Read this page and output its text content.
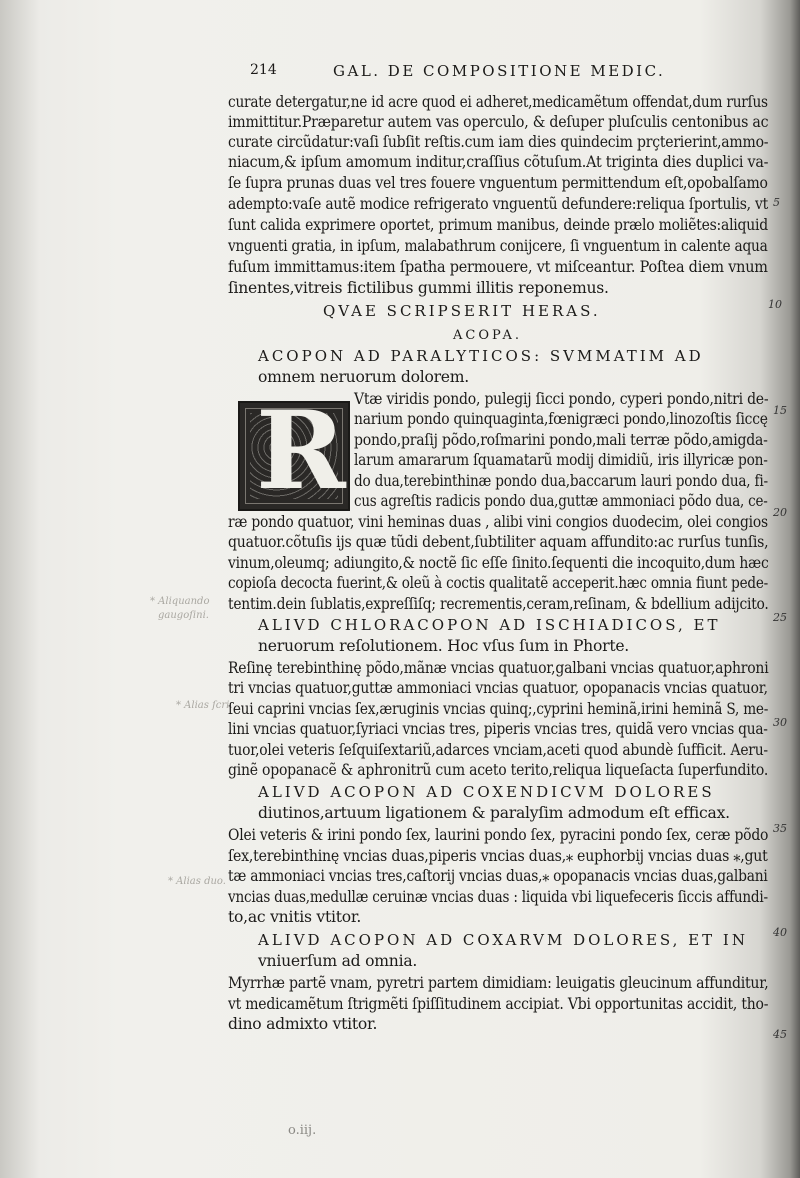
* Aliquando
gaugoſini.
* Alias ſcri.
* Alias duo.
214	GAL. DE COMPOSITIONE MEDIC.
R
curate detergatur,ne id acre quod ei adheret,medicamẽtum offendat,dum rurſus
immittitur.Præparetur autem vas operculo, & deſuper pluſculis centonibus ac
curate circũdatur:vaſi ſubſit reſtis.cum iam dies quindecim prçterierint,ammo-
niacum,& ipſum amomum inditur,craſſius cõtuſum.At triginta dies duplici va-
ſe ſupra prunas duas vel tres fouere vnguentum permittendum eſt,opobalſamo
adempto:vaſe autẽ modice refrigerato vnguentũ defundere:reliqua ſportulis, vt
ſunt calida exprimere oportet, primum manibus, deinde prælo moliẽtes:aliquid
vnguenti gratia, in ipſum, malabathrum conijcere, ſi vnguentum in calente aqua
fuſum immittamus:item ſpatha permouere, vt miſceantur. Poſtea diem vnum
ſinentes,vitreis fictilibus gummi illitis reponemus.
QVAE SCRIPSERIT HERAS.
ACOPA.
ACOPON AD PARALYTICOS: SVMMATIM AD
omnem neruorum dolorem.
Vtæ viridis pondo, pulegij ſicci pondo, cyperi pondo,nitri de-
narium pondo quinquaginta,fœnigræci pondo,linozoſtis ſiccę
pondo,praſij põdo,roſmarini pondo,mali terræ põdo,amigda-
larum amararum ſquamatarũ modij dimidiũ, iris illyricæ pon-
do dua,terebinthinæ pondo dua,baccarum lauri pondo dua, fi-
cus agreſtis radicis pondo dua,guttæ ammoniaci põdo dua, ce-
ræ pondo quatuor, vini heminas duas , alibi vini congios duodecim, olei congios
quatuor.cõtuſis ijs quæ tũdi debent,ſubtiliter aquam affundito:ac rurſus tunſis,
vinum,oleumq; adiungito,& noctẽ ſic eſſe ſinito.ſequenti die incoquito,dum hæc
copioſa decocta fuerint,& oleũ à coctis qualitatẽ acceperit.hæc omnia fiunt pede-
tentim.dein ſublatis,expreſſiſq; recrementis,ceram,reſinam, & bdellium adijcito.
ALIVD CHLORACOPON AD ISCHIADICOS, ET
neruorum reſolutionem. Hoc vſus ſum in Phorte.
Reſinę terebinthinę põdo,mãnæ vncias quatuor,galbani vncias quatuor,aphroni
tri vncias quatuor,guttæ ammoniaci vncias quatuor, opopanacis vncias quatuor,
ſeui caprini vncias ſex,æruginis vncias quinq;,cyprini heminã,irini heminã S, me-
lini vncias quatuor,ſyriaci vncias tres, piperis vncias tres, quidã vero vncias qua-
tuor,olei veteris ſeſquiſextariũ,adarces vnciam,aceti quod abundè ſufficit. Aeru-
ginẽ opopanacẽ & aphronitrũ cum aceto terito,reliqua liqueſacta ſuperfundito.
ALIVD ACOPON AD COXENDICVM DOLORES
diutinos,artuum ligationem & paralyſim admodum eſt efficax.
Olei veteris & irini pondo ſex, laurini pondo ſex, pyracini pondo ſex, ceræ põdo
ſex,terebinthinę vncias duas,piperis vncias duas,⁎ euphorbij vncias duas ⁎,gut
tæ ammoniaci vncias tres,caſtorij vncias duas,⁎ opopanacis vncias duas,galbani
vncias duas,medullæ ceruinæ vncias duas : liquida vbi liquefeceris ſiccis affundi-
to,ac vnitis vtitor.
ALIVD ACOPON AD COXARVM DOLORES, ET IN
vniuerſum ad omnia.
Myrrhæ partẽ vnam, pyretri partem dimidiam: leuigatis gleucinum affunditur,
vt medicamẽtum ſtrigmẽti ſpiſſitudinem accipiat. Vbi opportunitas accidit, tho-
dino admixto vtitor.
5
10
15
20
25
30
35
40
45
o.iij.
